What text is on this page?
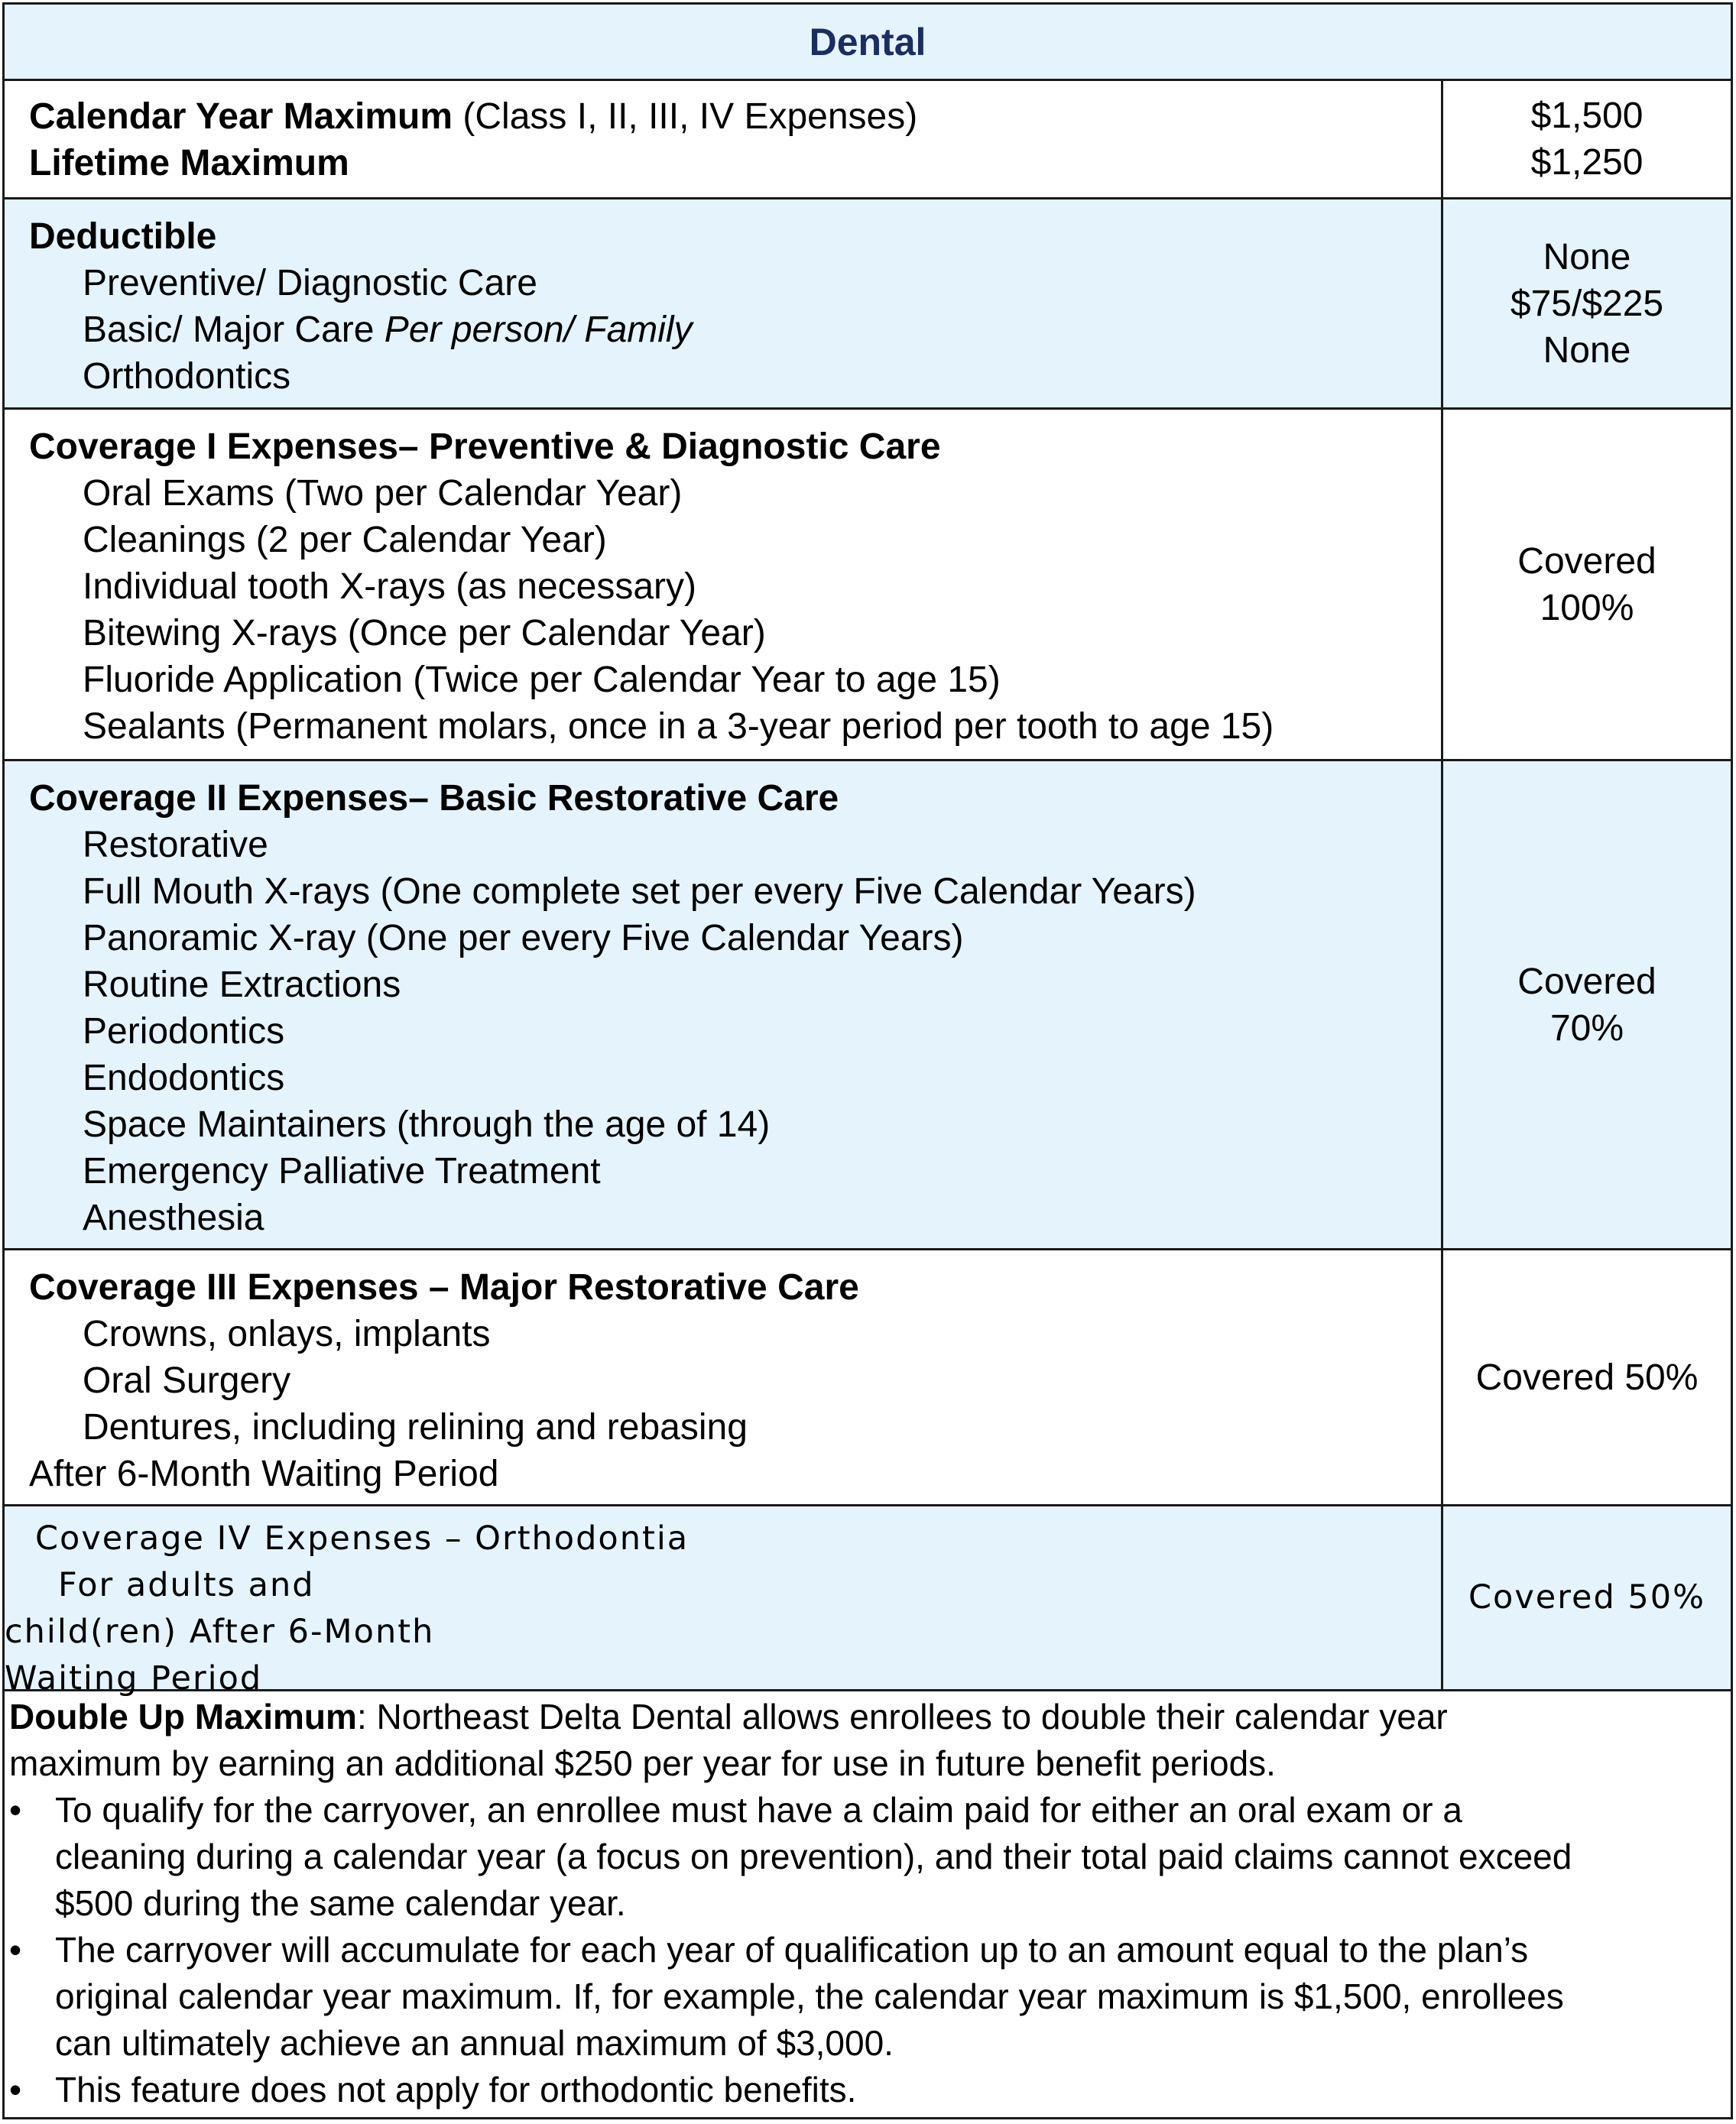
Dental
Calendar Year Maximum (Class I, II, III, IV Expenses)
Lifetime Maximum
$1,500
$1,250
Deductible
Preventive/ Diagnostic Care
Basic/ Major Care Per person/ Family
Orthodontics
None
$75/$225
None
Coverage I Expenses– Preventive & Diagnostic Care
Oral Exams (Two per Calendar Year)
Cleanings (2 per Calendar Year)
Individual tooth X-rays (as necessary)
Bitewing X-rays (Once per Calendar Year)
Fluoride Application (Twice per Calendar Year to age 15)
Sealants (Permanent molars, once in a 3-year period per tooth to age 15)
Covered
100%
Coverage II Expenses– Basic Restorative Care
Restorative
Full Mouth X-rays (One complete set per every Five Calendar Years)
Panoramic X-ray (One per every Five Calendar Years)
Routine Extractions
Periodontics
Endodontics
Space Maintainers (through the age of 14)
Emergency Palliative Treatment
Anesthesia
Covered
70%
Coverage III Expenses – Major Restorative Care
Crowns, onlays, implants
Oral Surgery
Dentures, including relining and rebasing
After 6-Month Waiting Period
Covered 50%
Coverage IV Expenses – Orthodontia
For adults and
child(ren) After 6-Month
Waiting Period
Covered 50%
Double Up Maximum: Northeast Delta Dental allows enrollees to double their calendar year
maximum by earning an additional $250 per year for use in future benefit periods.
• To qualify for the carryover, an enrollee must have a claim paid for either an oral exam or a
cleaning during a calendar year (a focus on prevention), and their total paid claims cannot exceed
$500 during the same calendar year.
• The carryover will accumulate for each year of qualification up to an amount equal to the plan’s
original calendar year maximum. If, for example, the calendar year maximum is $1,500, enrollees
can ultimately achieve an annual maximum of $3,000.
• This feature does not apply for orthodontic benefits.
